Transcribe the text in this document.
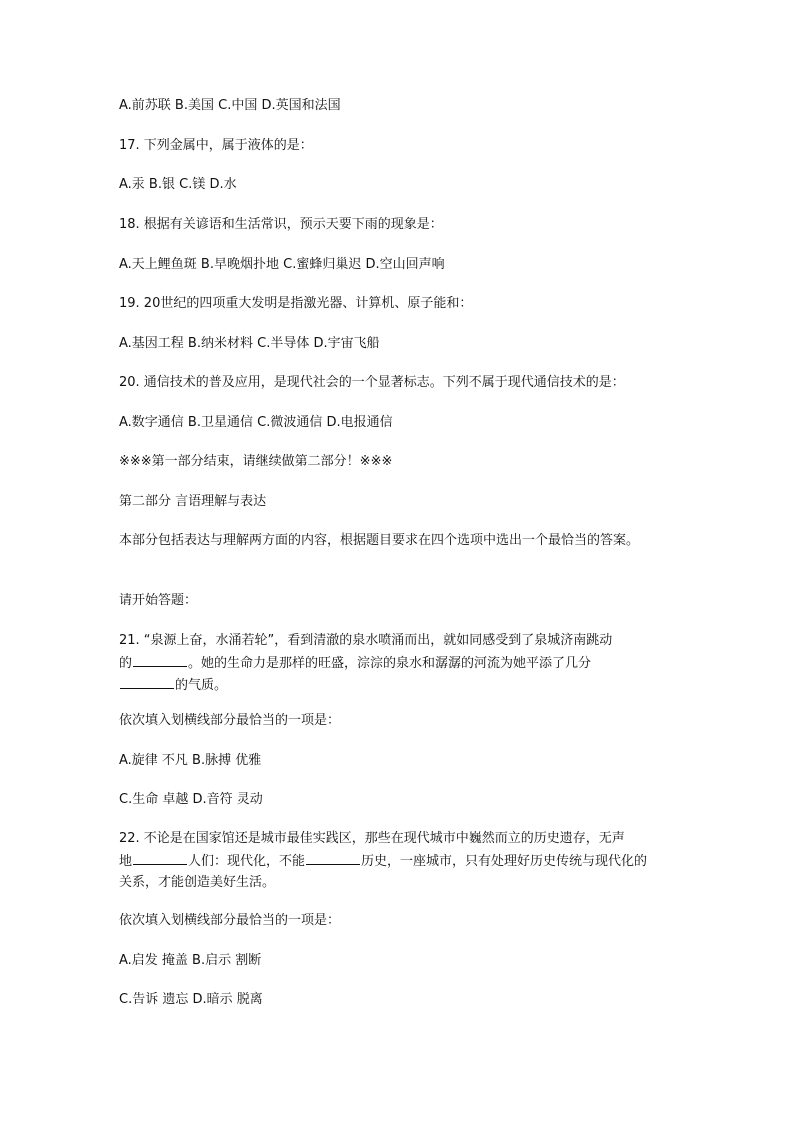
A.前苏联 B.美国 C.中国 D.英国和法国

17. 下列金属中，属于液体的是：

A.汞 B.银 C.镁 D.水

18. 根据有关谚语和生活常识，预示天要下雨的现象是：

A.天上鲤鱼斑 B.早晚烟扑地 C.蜜蜂归巢迟 D.空山回声响

19. 20世纪的四项重大发明是指激光器、计算机、原子能和：

A.基因工程 B.纳米材料 C.半导体 D.宇宙飞船

20. 通信技术的普及应用，是现代社会的一个显著标志。下列不属于现代通信技术的是：

A.数字通信 B.卫星通信 C.微波通信 D.电报通信

※※※第一部分结束，请继续做第二部分！※※※

第二部分 言语理解与表达

本部分包括表达与理解两方面的内容，根据题目要求在四个选项中选出一个最恰当的答案。

请开始答题：

21. “泉源上奋，水涌若轮”，看到清澈的泉水喷涌而出，就如同感受到了泉城济南跳动

的	。她的生命力是那样的旺盛，淙淙的泉水和潺潺的河流为她平添了几分

的气质。

依次填入划横线部分最恰当的一项是：

A.旋律 不凡 B.脉搏 优雅

C.生命 卓越 D.音符 灵动

22. 不论是在国家馆还是城市最佳实践区，那些在现代城市中巍然而立的历史遗存，无声

地	人们：现代化，不能	历史，一座城市，只有处理好历史传统与现代化的

关系，才能创造美好生活。

依次填入划横线部分最恰当的一项是：

A.启发 掩盖 B.启示 割断

C.告诉 遗忘 D.暗示 脱离
